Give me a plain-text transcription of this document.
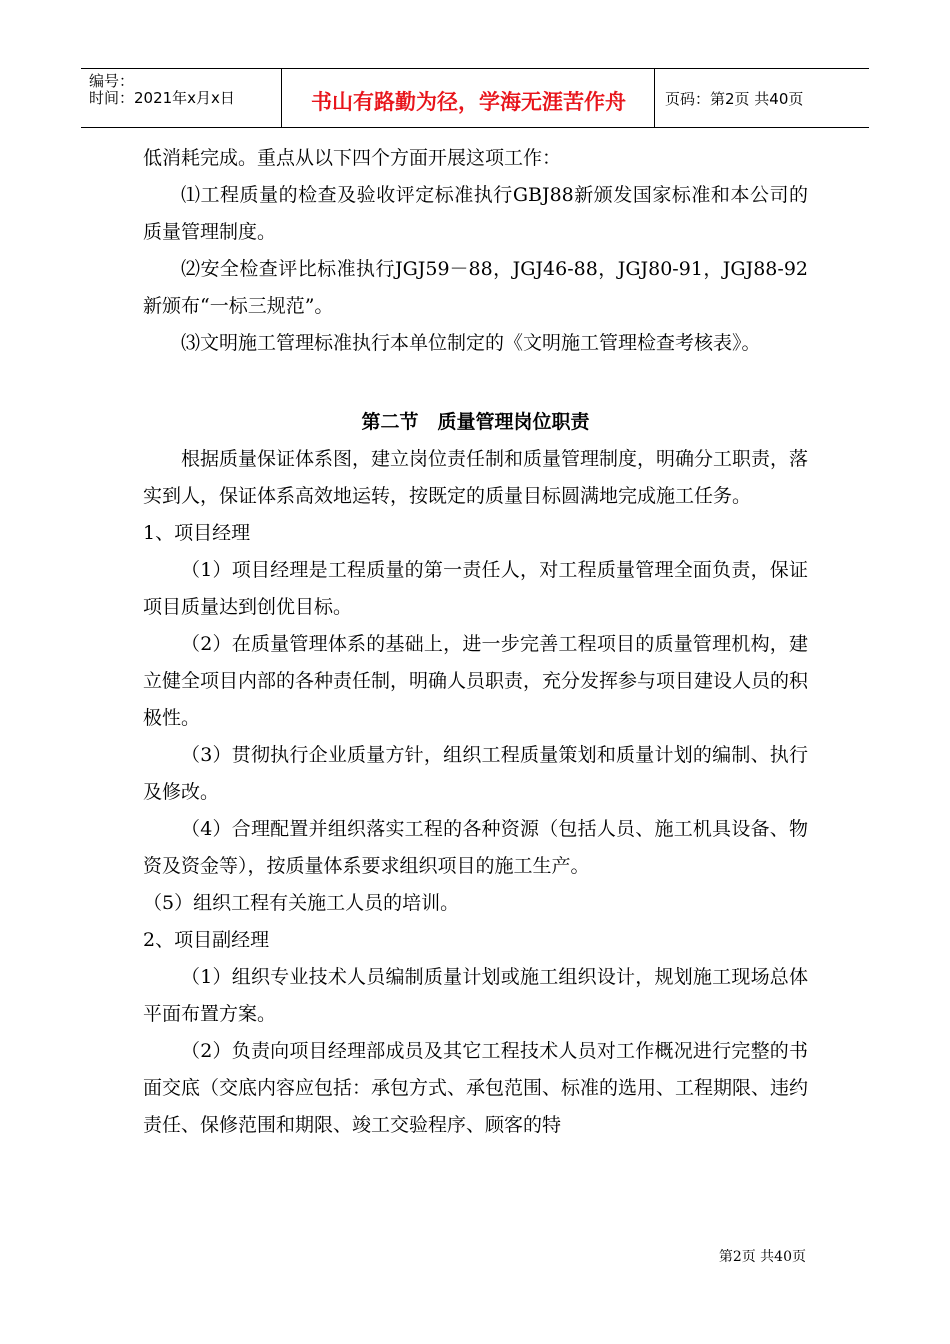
编号：
时间：2021年x月x日	书山有路勤为径，学海无涯苦作舟	页码：第2页 共40页

低消耗完成。重点从以下四个方面开展这项工作：

⑴工程质量的检查及验收评定标准执行GBJ88新颁发国家标准和本公司的质量管理制度。

⑵安全检查评比标准执行JGJ59－88，JGJ46-88，JGJ80-91，JGJ88-92新颁布“一标三规范”。

⑶文明施工管理标准执行本单位制定的《文明施工管理检查考核表》。

第二节　质量管理岗位职责

根据质量保证体系图，建立岗位责任制和质量管理制度，明确分工职责，落实到人，保证体系高效地运转，按既定的质量目标圆满地完成施工任务。

1、项目经理

（1）项目经理是工程质量的第一责任人，对工程质量管理全面负责，保证项目质量达到创优目标。

（2）在质量管理体系的基础上，进一步完善工程项目的质量管理机构，建立健全项目内部的各种责任制，明确人员职责，充分发挥参与项目建设人员的积极性。

（3）贯彻执行企业质量方针，组织工程质量策划和质量计划的编制、执行及修改。

（4）合理配置并组织落实工程的各种资源（包括人员、施工机具设备、物资及资金等），按质量体系要求组织项目的施工生产。

（5）组织工程有关施工人员的培训。

2、项目副经理

（1）组织专业技术人员编制质量计划或施工组织设计，规划施工现场总体平面布置方案。

（2）负责向项目经理部成员及其它工程技术人员对工作概况进行完整的书面交底（交底内容应包括：承包方式、承包范围、标准的选用、工程期限、违约责任、保修范围和期限、竣工交验程序、顾客的特

第2页 共40页
